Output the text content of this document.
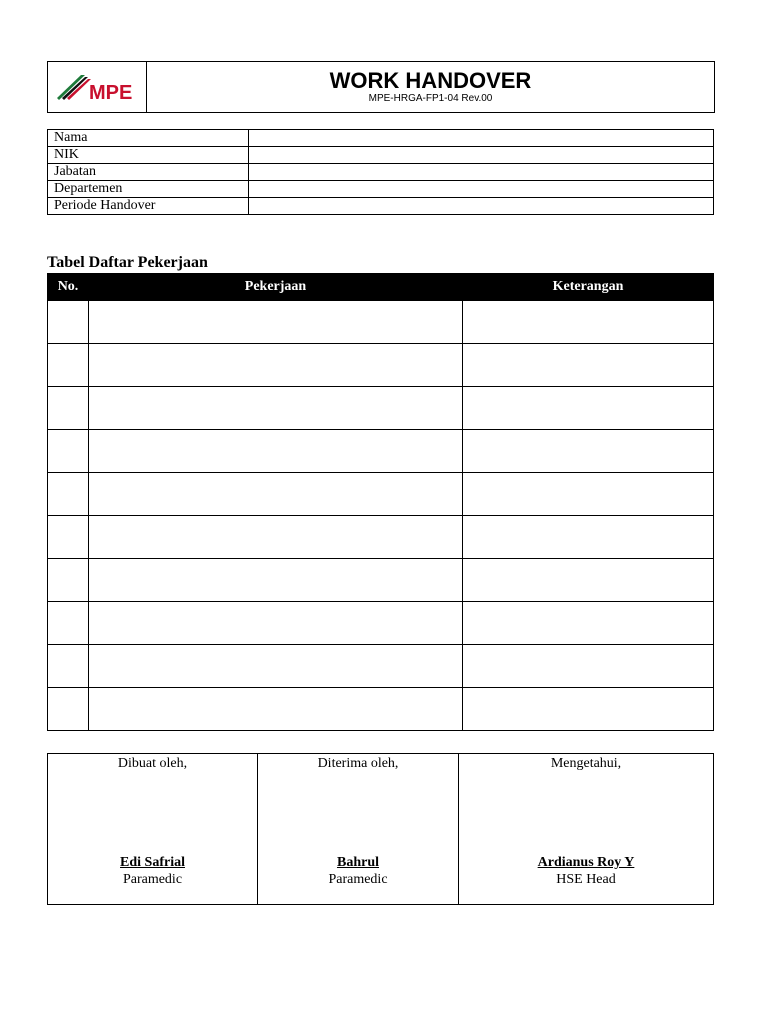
MPE	WORK HANDOVER
MPE-HRGA-FP1-04 Rev.00
Nama	
NIK	
Jabatan	
Departemen	
Periode Handover	
Tabel Daftar Pekerjaan
No.	Pekerjaan	Keterangan

Dibuat oleh,
Edi Safrial
Paramedic

Diterima oleh,
Bahrul
Paramedic

Mengetahui,
Ardianus Roy Y
HSE Head
